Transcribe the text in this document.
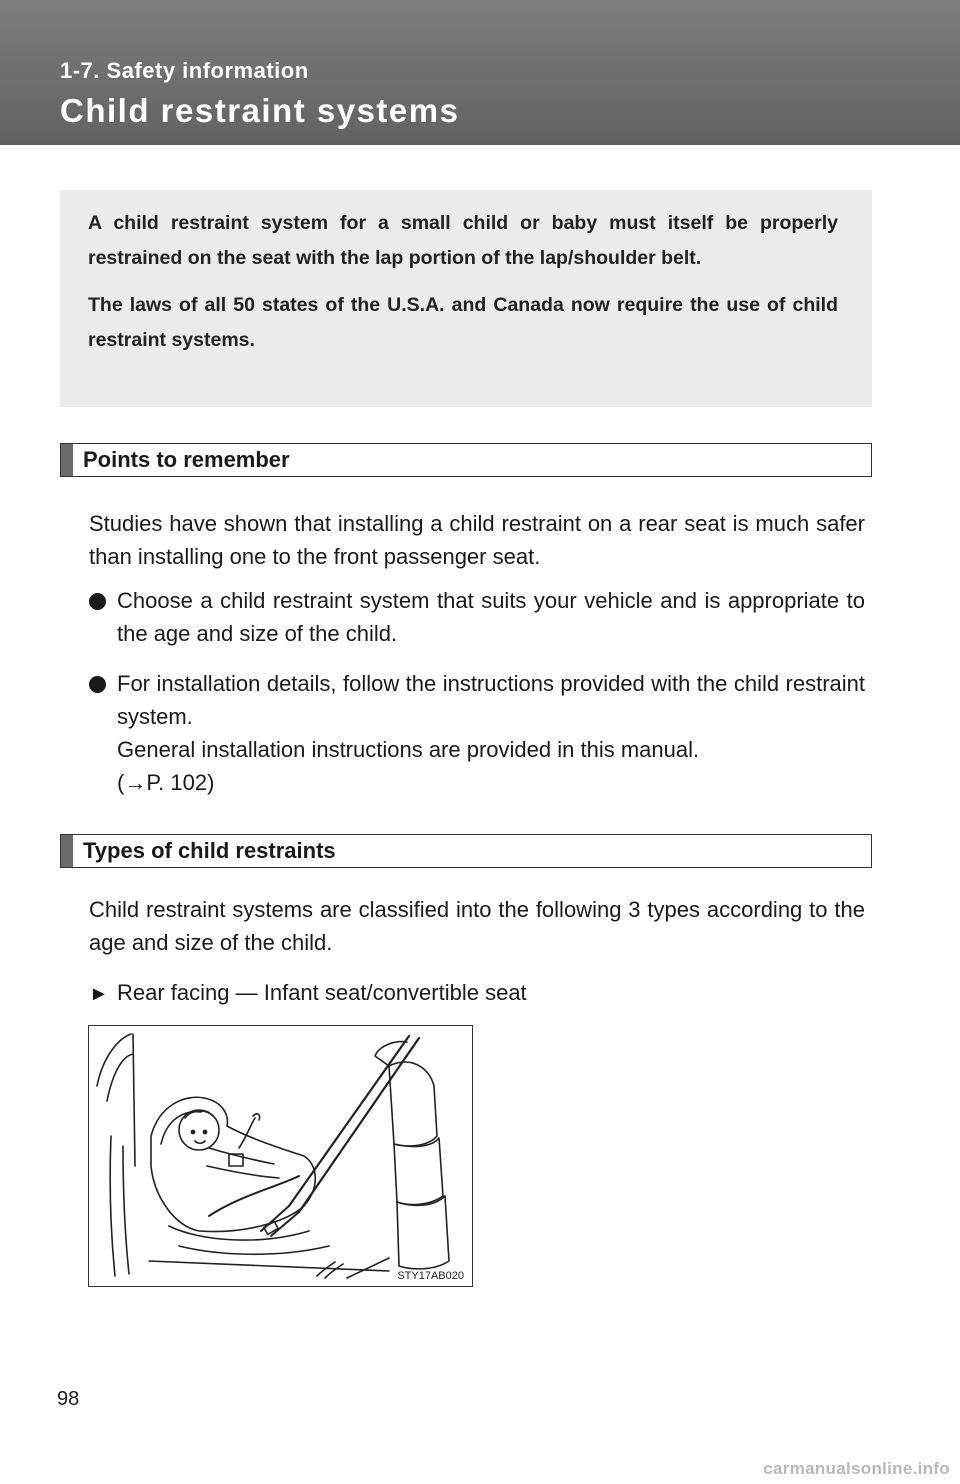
1-7. Safety information
Child restraint systems

A child restraint system for a small child or baby must itself be properly restrained on the seat with the lap portion of the lap/shoulder belt.

The laws of all 50 states of the U.S.A. and Canada now require the use of child restraint systems.

Points to remember

Studies have shown that installing a child restraint on a rear seat is much safer than installing one to the front passenger seat.

Choose a child restraint system that suits your vehicle and is appropriate to the age and size of the child.
For installation details, follow the instructions provided with the child restraint system.
General installation instructions are provided in this manual.
(→P. 102)
Types of child restraints

Child restraint systems are classified into the following 3 types according to the age and size of the child.

► Rear facing — Infant seat/convertible seat
STY17AB020
98
carmanualsonline.info
